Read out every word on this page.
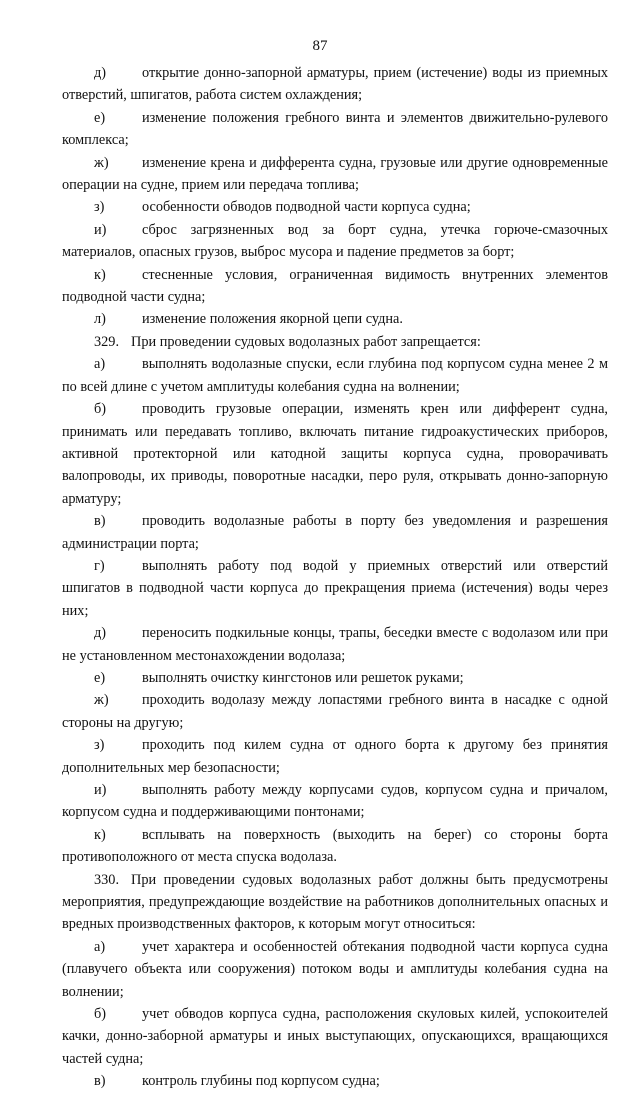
87

д)	открытие донно-запорной арматуры, прием (истечение) воды из приемных отверстий, шпигатов, работа систем охлаждения;

е)	изменение положения гребного винта и элементов движительно-рулевого комплекса;

ж) изменение крена и дифферента судна, грузовые или другие одновременные операции на судне, прием или передача топлива;

з)	особенности обводов подводной части корпуса судна;

и) сброс загрязненных вод за борт судна, утечка горюче-смазочных материалов, опасных грузов, выброс мусора и падение предметов за борт;

к)	стесненные условия, ограниченная видимость внутренних элементов подводной части судна;

л)	изменение положения якорной цепи судна.

329. При проведении судовых водолазных работ запрещается:

а)	выполнять водолазные спуски, если глубина под корпусом судна менее 2 м по всей длине с учетом амплитуды колебания судна на волнении;

б)	проводить грузовые операции, изменять крен или дифферент судна, принимать или передавать топливо, включать питание гидроакустических приборов, активной протекторной или катодной защиты корпуса судна, проворачивать валопроводы, их приводы, поворотные насадки, перо руля, открывать донно-запорную арматуру;

в)	проводить водолазные работы в порту без уведомления и разрешения администрации порта;

г)	выполнять работу под водой у приемных отверстий или отверстий шпигатов в подводной части корпуса до прекращения приема (истечения) воды через них;

д)	переносить подкильные концы, трапы, беседки вместе с водолазом или при не установленном местонахождении водолаза;

е)	выполнять очистку кингстонов или решеток руками;

ж) проходить водолазу между лопастями гребного винта в насадке с одной стороны на другую;

з)	проходить под килем судна от одного борта к другому без принятия дополнительных мер безопасности;

и) выполнять работу между корпусами судов, корпусом судна и причалом, корпусом судна и поддерживающими понтонами;

к)	всплывать на поверхность (выходить на берег) со стороны борта противоположного от места спуска водолаза.

330. При проведении судовых водолазных работ должны быть предусмотрены мероприятия, предупреждающие воздействие на работников дополнительных опасных и вредных производственных факторов, к которым могут относиться:

а)	учет характера и особенностей обтекания подводной части корпуса судна (плавучего объекта или сооружения) потоком воды и амплитуды колебания судна на волнении;

б)	учет обводов корпуса судна, расположения скуловых килей, успокоителей качки, донно-заборной арматуры и иных выступающих, опускающихся, вращающихся частей судна;

в)	контроль глубины под корпусом судна;
